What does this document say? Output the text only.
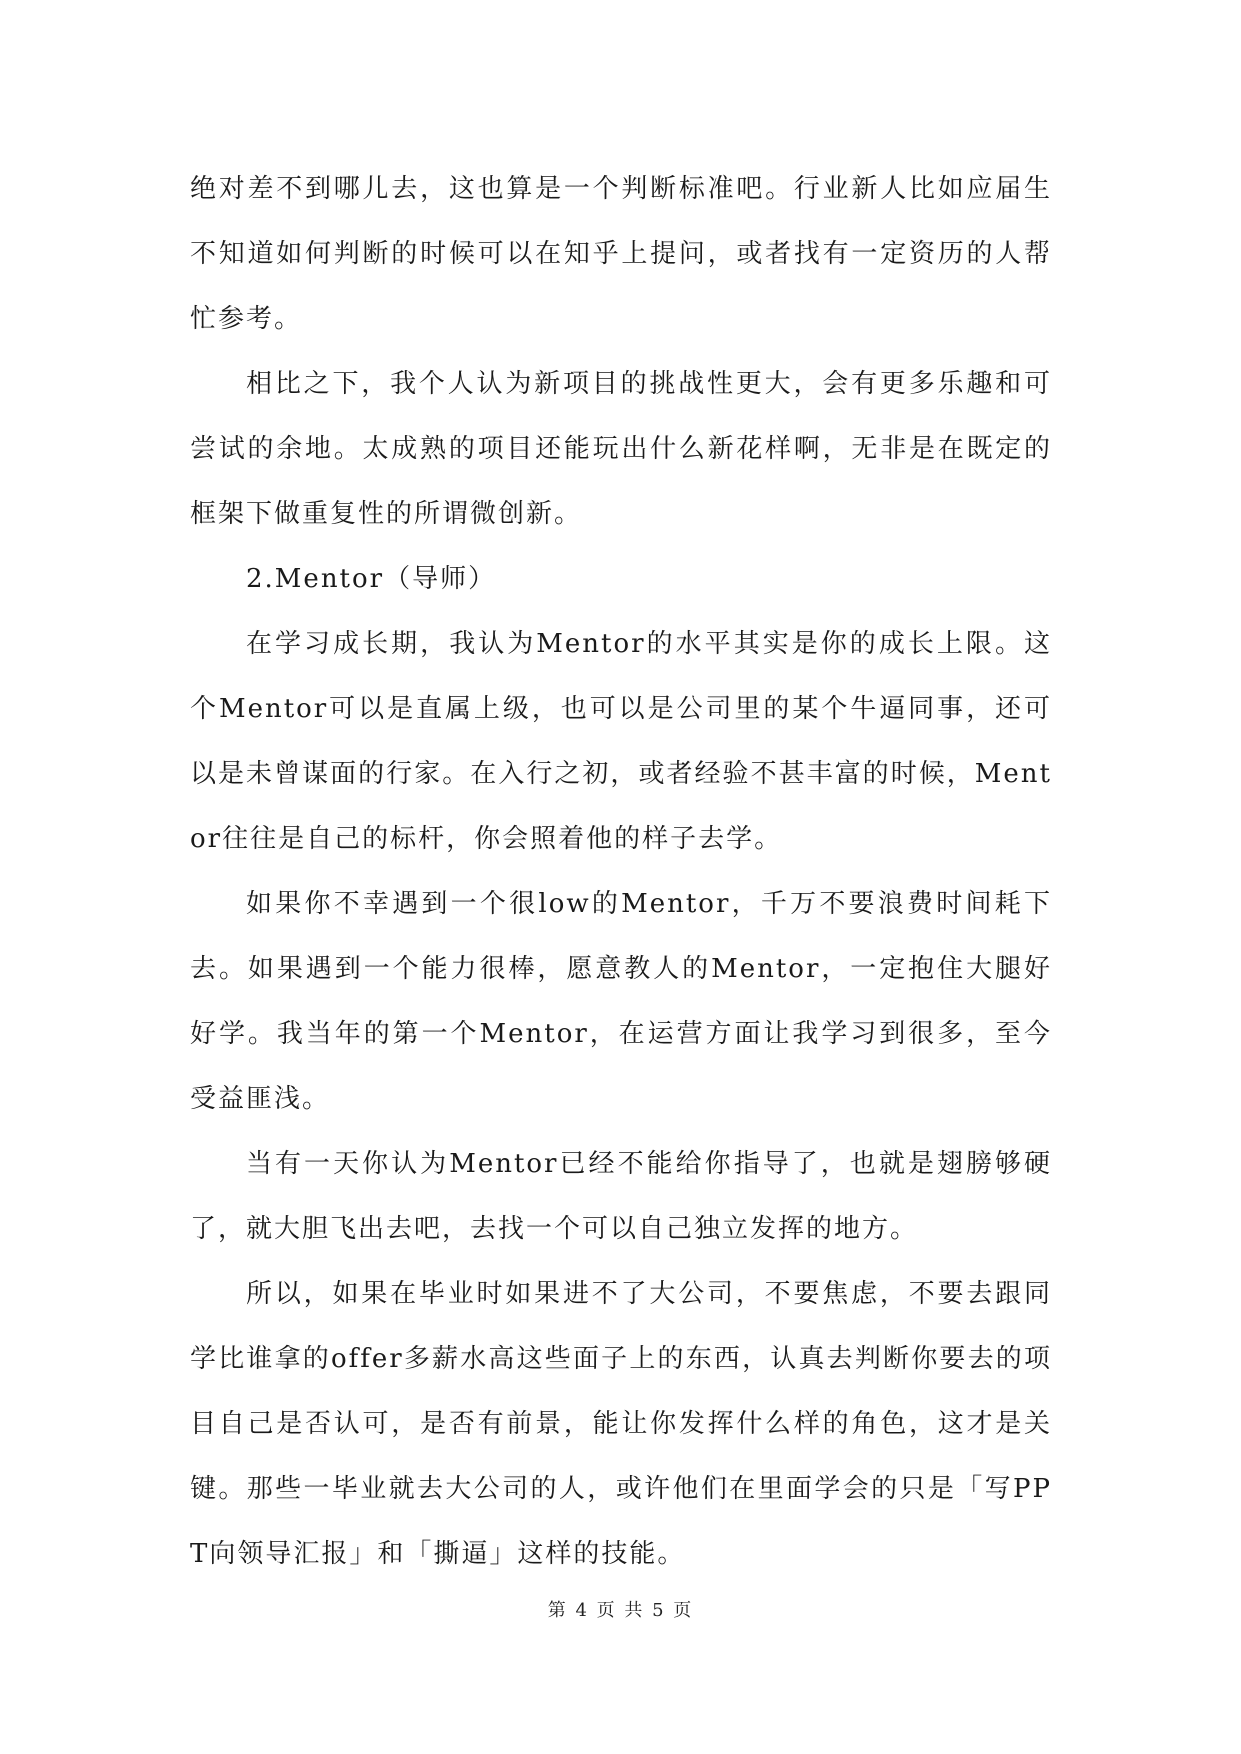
绝对差不到哪儿去，这也算是一个判断标准吧。行业新人比如应届生不知道如何判断的时候可以在知乎上提问，或者找有一定资历的人帮忙参考。

相比之下，我个人认为新项目的挑战性更大，会有更多乐趣和可尝试的余地。太成熟的项目还能玩出什么新花样啊，无非是在既定的框架下做重复性的所谓微创新。

2.Mentor（导师）

在学习成长期，我认为Mentor的水平其实是你的成长上限。这个Mentor可以是直属上级，也可以是公司里的某个牛逼同事，还可以是未曾谋面的行家。在入行之初，或者经验不甚丰富的时候，Mentor往往是自己的标杆，你会照着他的样子去学。

如果你不幸遇到一个很low的Mentor，千万不要浪费时间耗下去。如果遇到一个能力很棒，愿意教人的Mentor，一定抱住大腿好好学。我当年的第一个Mentor，在运营方面让我学习到很多，至今受益匪浅。

当有一天你认为Mentor已经不能给你指导了，也就是翅膀够硬了，就大胆飞出去吧，去找一个可以自己独立发挥的地方。

所以，如果在毕业时如果进不了大公司，不要焦虑，不要去跟同学比谁拿的offer多薪水高这些面子上的东西，认真去判断你要去的项目自己是否认可，是否有前景，能让你发挥什么样的角色，这才是关键。那些一毕业就去大公司的人，或许他们在里面学会的只是「写PPT向领导汇报」和「撕逼」这样的技能。

第 4 页 共 5 页
